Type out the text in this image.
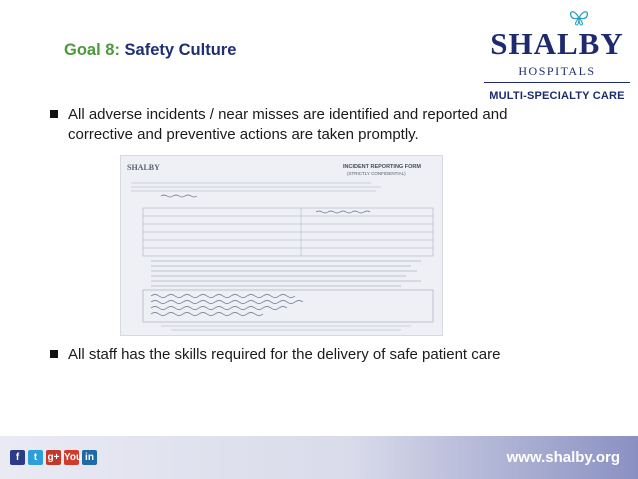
Goal 8: Safety Culture	SHALBY
HOSPITALS
MULTI-SPECIALTY CARE
All adverse incidents / near misses are identified and reported and corrective and preventive actions are taken promptly.
SHALBY	INCIDENT REPORTING FORM
(STRICTLY CONFIDENTIAL)
All staff has the skills required for the delivery of safe patient care
f t g+ You in	www.shalby.org
